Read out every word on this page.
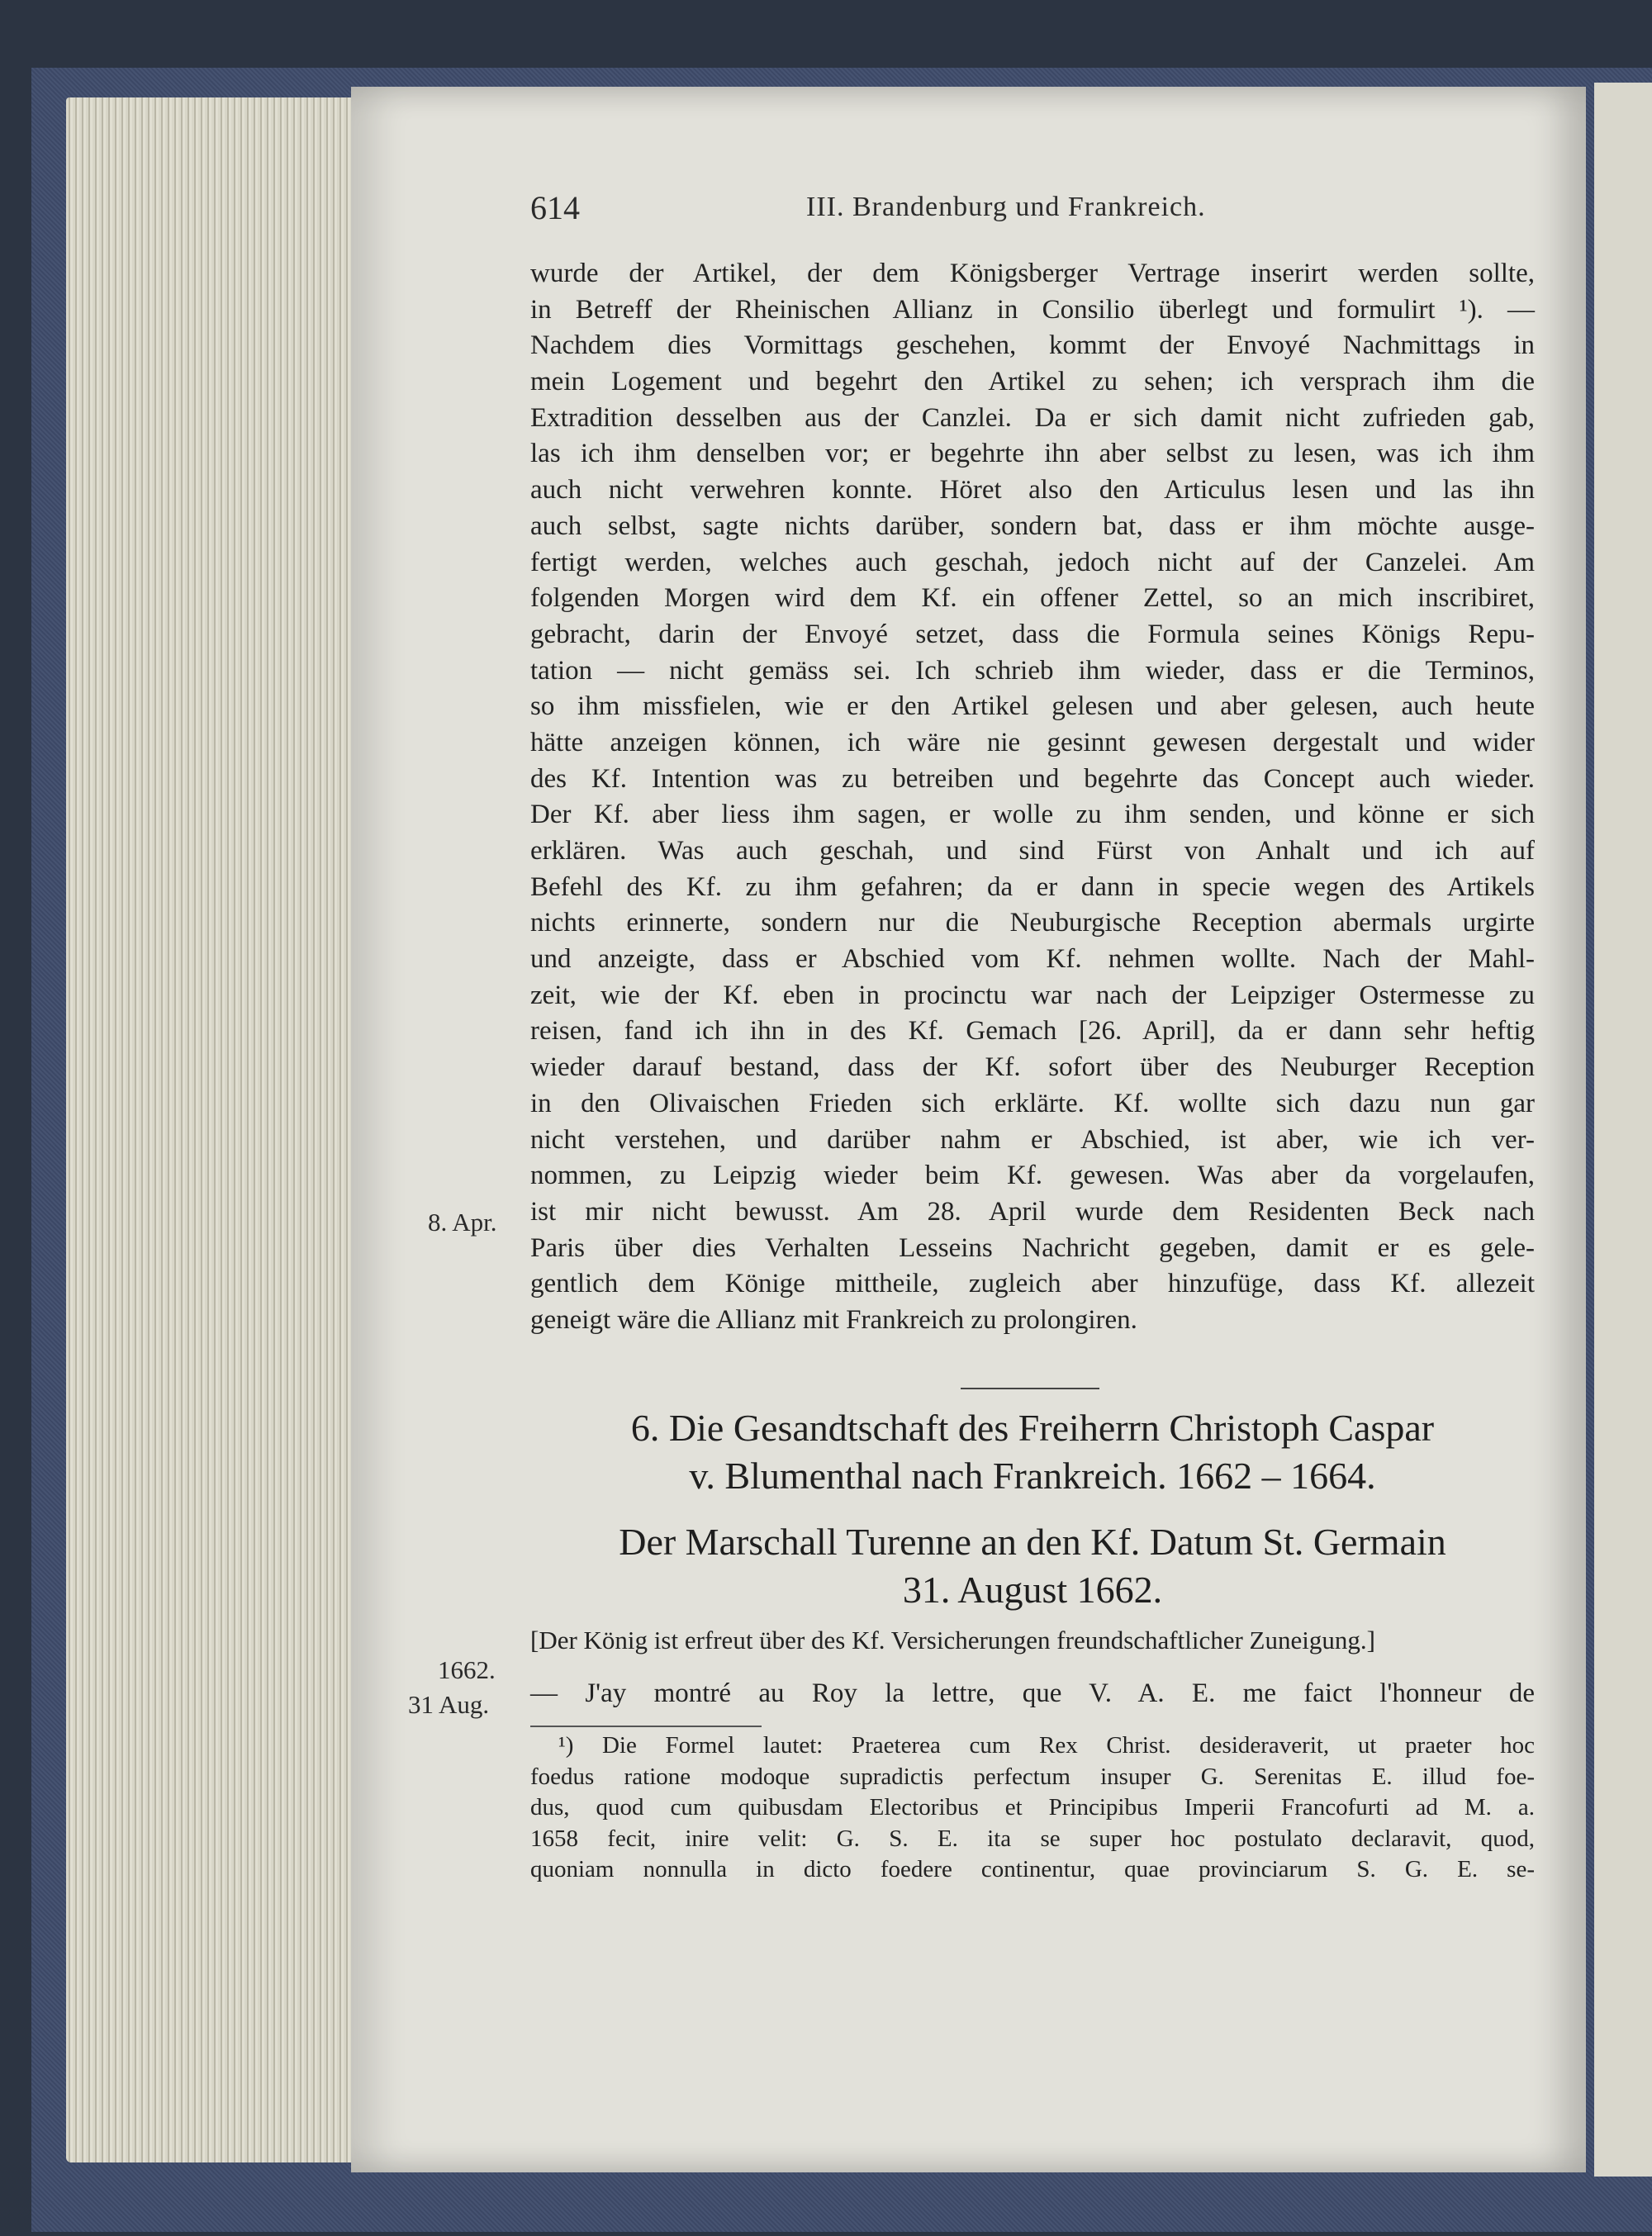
614	III. Brandenburg und Frankreich.
wurde der Artikel, der dem Königsberger Vertrage inserirt werden sollte,
in Betreff der Rheinischen Allianz in Consilio überlegt und formulirt ¹). —
Nachdem dies Vormittags geschehen, kommt der Envoyé Nachmittags in
mein Logement und begehrt den Artikel zu sehen; ich versprach ihm die
Extradition desselben aus der Canzlei. Da er sich damit nicht zufrieden gab,
las ich ihm denselben vor; er begehrte ihn aber selbst zu lesen, was ich ihm
auch nicht verwehren konnte. Höret also den Articulus lesen und las ihn
auch selbst, sagte nichts darüber, sondern bat, dass er ihm möchte ausge-
fertigt werden, welches auch geschah, jedoch nicht auf der Canzelei. Am
folgenden Morgen wird dem Kf. ein offener Zettel, so an mich inscribiret,
gebracht, darin der Envoyé setzet, dass die Formula seines Königs Repu-
tation — nicht gemäss sei. Ich schrieb ihm wieder, dass er die Terminos,
so ihm missfielen, wie er den Artikel gelesen und aber gelesen, auch heute
hätte anzeigen können, ich wäre nie gesinnt gewesen dergestalt und wider
des Kf. Intention was zu betreiben und begehrte das Concept auch wieder.
Der Kf. aber liess ihm sagen, er wolle zu ihm senden, und könne er sich
erklären. Was auch geschah, und sind Fürst von Anhalt und ich auf
Befehl des Kf. zu ihm gefahren; da er dann in specie wegen des Artikels
nichts erinnerte, sondern nur die Neuburgische Reception abermals urgirte
und anzeigte, dass er Abschied vom Kf. nehmen wollte. Nach der Mahl-
zeit, wie der Kf. eben in procinctu war nach der Leipziger Ostermesse zu
reisen, fand ich ihn in des Kf. Gemach [26. April], da er dann sehr heftig
wieder darauf bestand, dass der Kf. sofort über des Neuburger Reception
in den Olivaischen Frieden sich erklärte. Kf. wollte sich dazu nun gar
nicht verstehen, und darüber nahm er Abschied, ist aber, wie ich ver-
nommen, zu Leipzig wieder beim Kf. gewesen. Was aber da vorgelaufen,
ist mir nicht bewusst. Am 28. April wurde dem Residenten Beck nach
Paris über dies Verhalten Lesseins Nachricht gegeben, damit er es gele-
gentlich dem Könige mittheile, zugleich aber hinzufüge, dass Kf. allezeit
geneigt wäre die Allianz mit Frankreich zu prolongiren.
8. Apr.
1662.
31 Aug.
6. Die Gesandtschaft des Freiherrn Christoph Caspar
v. Blumenthal nach Frankreich. 1662 – 1664.
Der Marschall Turenne an den Kf. Datum St. Germain
31. August 1662.
[Der König ist erfreut über des Kf. Versicherungen freundschaftlicher Zuneigung.]
— J'ay montré au Roy la lettre, que V. A. E. me faict l'honneur de
¹) Die Formel lautet: Praeterea cum Rex Christ. desideraverit, ut praeter hoc
foedus ratione modoque supradictis perfectum insuper G. Serenitas E. illud foe-
dus, quod cum quibusdam Electoribus et Principibus Imperii Francofurti ad M. a.
1658 fecit, inire velit: G. S. E. ita se super hoc postulato declaravit, quod,
quoniam nonnulla in dicto foedere continentur, quae provinciarum S. G. E. se-
